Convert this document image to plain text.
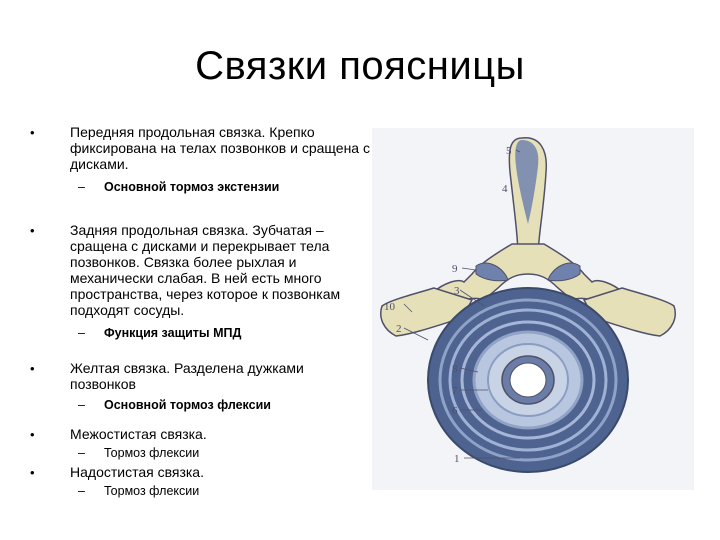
Связки поясницы
•	Передняя продольная связка. Крепко фиксирована на телах позвонков и сращена с дисками.
– Основной тормоз экстензии
•	Задняя продольная связка. Зубчатая – сращена с дисками и перекрывает тела позвонков. Связка более рыхлая и механически слабая. В ней есть много пространства, через которое к позвонкам подходят сосуды.
– Функция защиты МПД
•	Желтая связка. Разделена дужками позвонков
– Основной тормоз флексии
•	Межостистая связка.
– Тормоз флексии
•	Надостистая связка.
– Тормоз флексии
5
4
9
3
10
2
8
7
6
1
